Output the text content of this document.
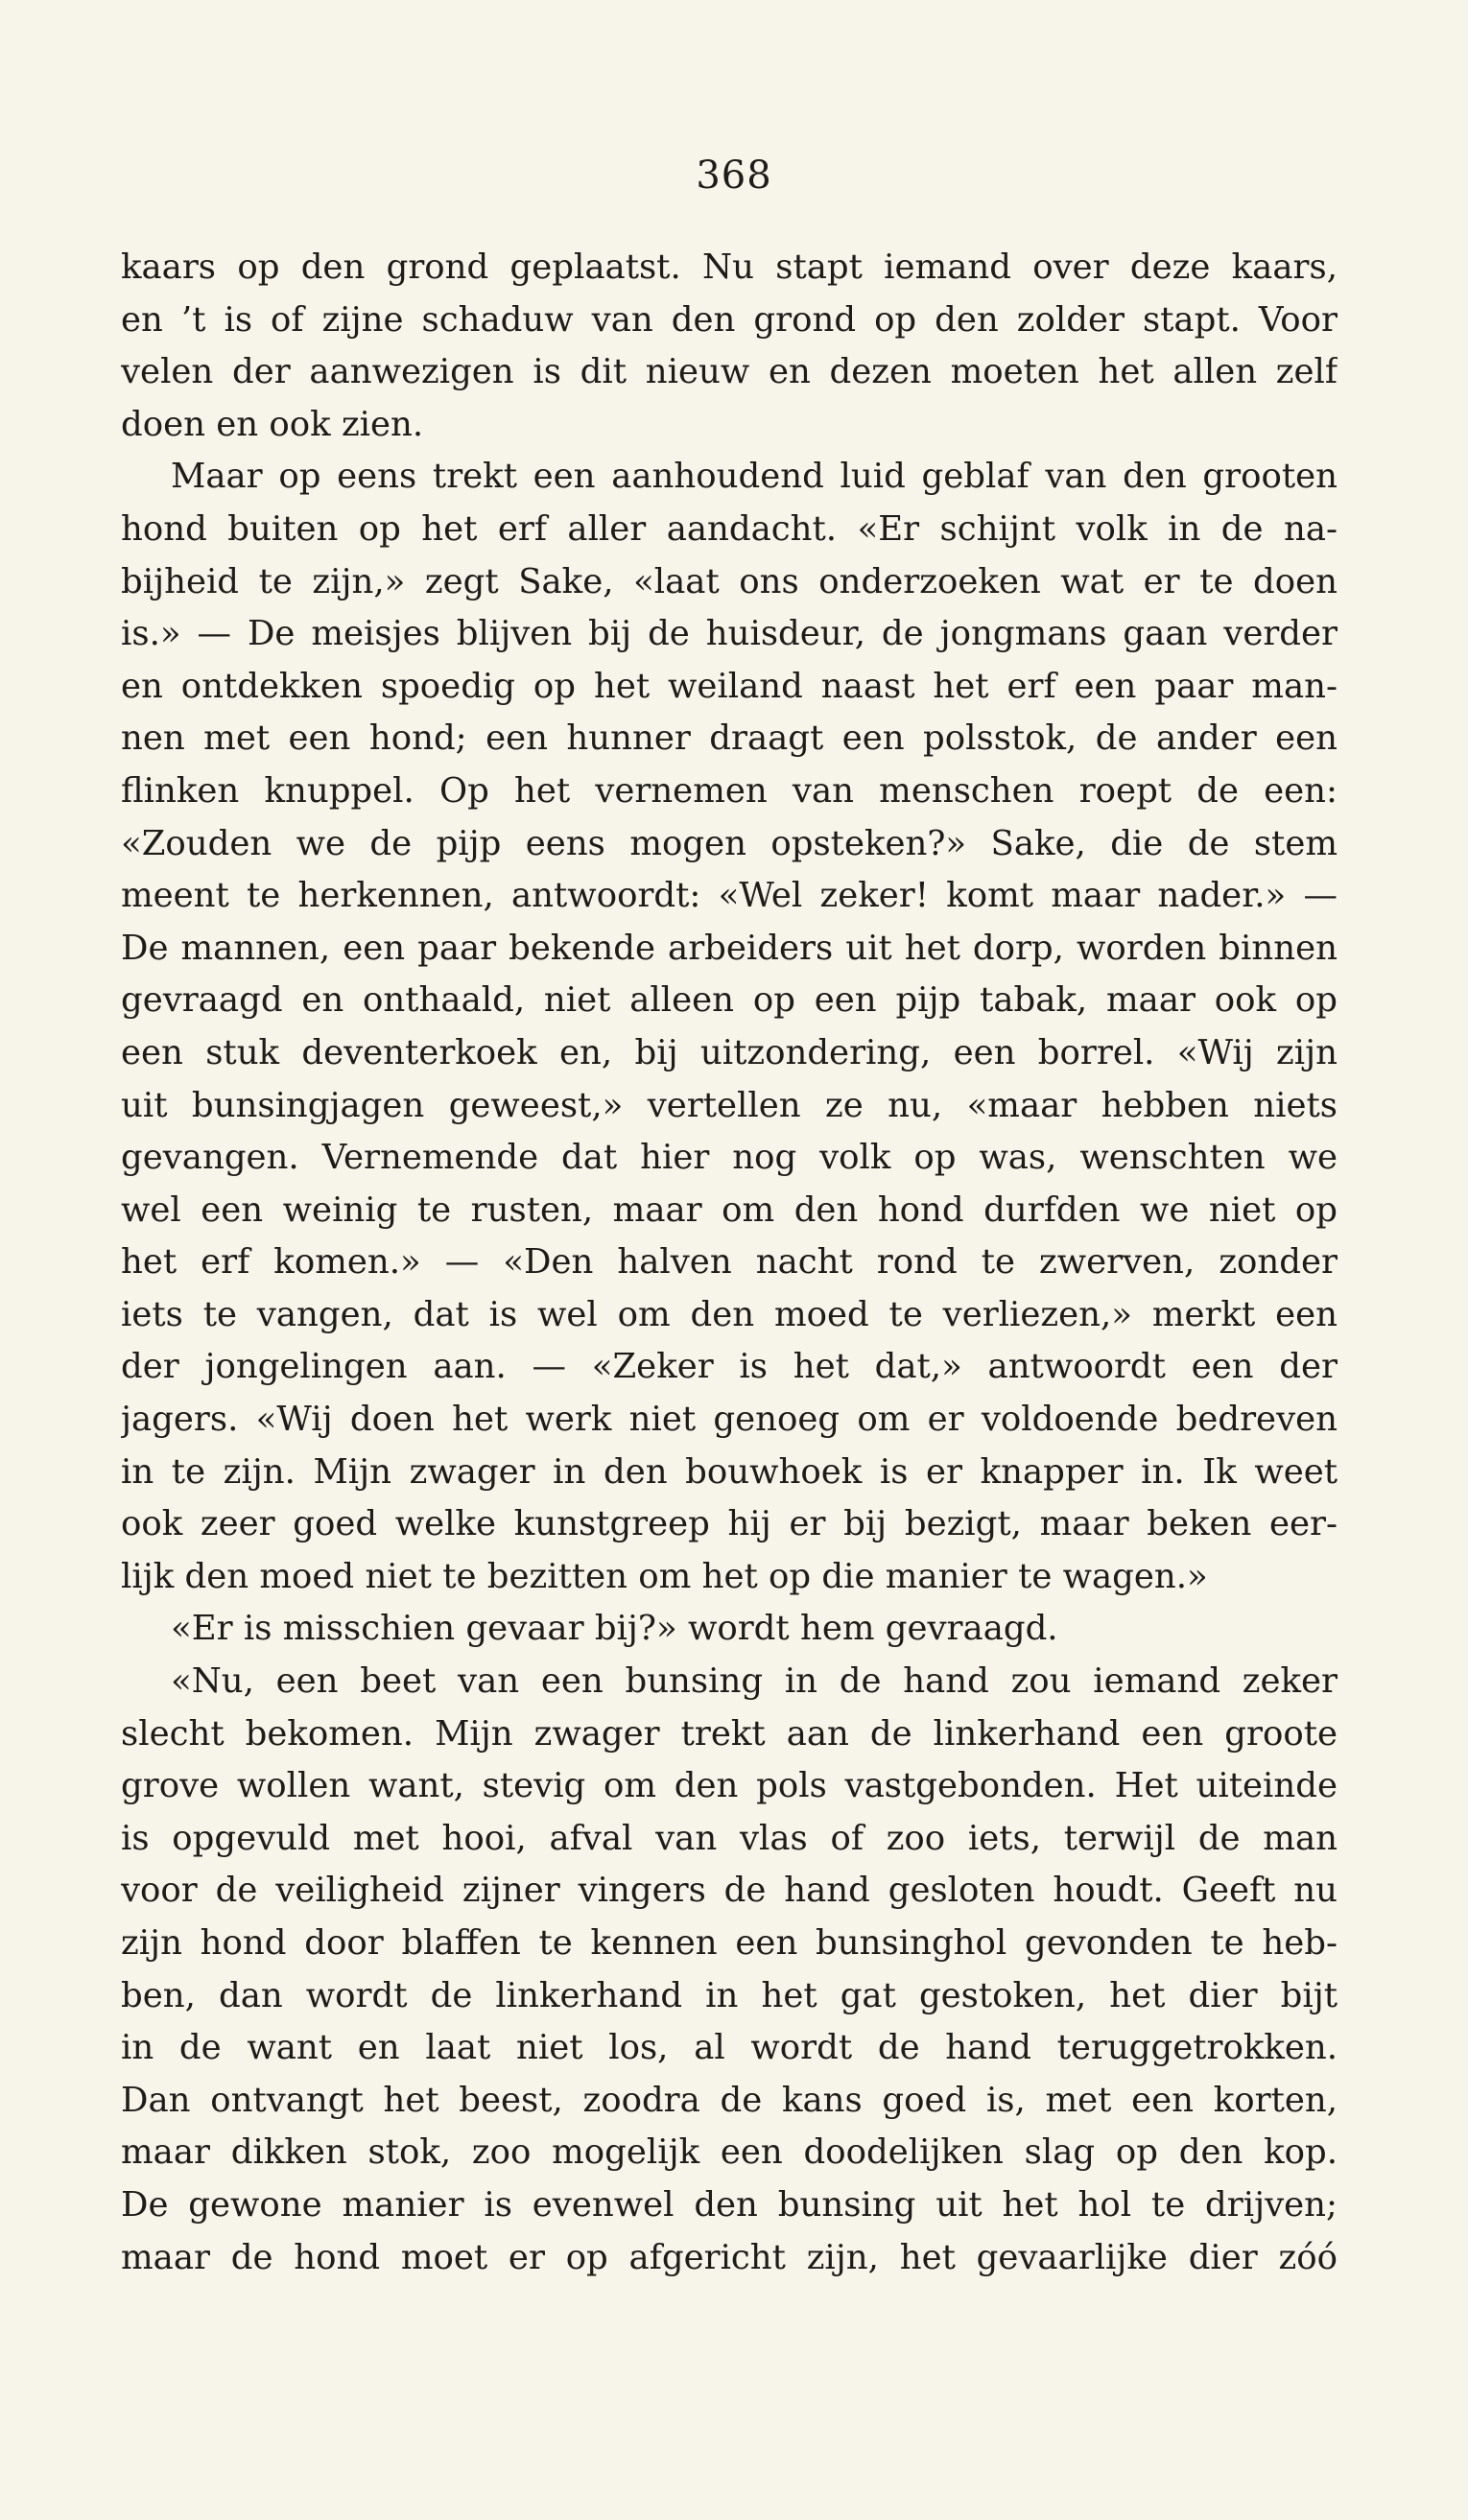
368
kaars op den grond geplaatst. Nu stapt iemand over deze kaars,
en ’t is of zijne schaduw van den grond op den zolder stapt. Voor
velen der aanwezigen is dit nieuw en dezen moeten het allen zelf
doen en ook zien.
Maar op eens trekt een aanhoudend luid geblaf van den grooten
hond buiten op het erf aller aandacht. «Er schijnt volk in de na-
bijheid te zijn,» zegt Sake, «laat ons onderzoeken wat er te doen
is.» — De meisjes blijven bij de huisdeur, de jongmans gaan verder
en ontdekken spoedig op het weiland naast het erf een paar man-
nen met een hond; een hunner draagt een polsstok, de ander een
flinken knuppel. Op het vernemen van menschen roept de een:
«Zouden we de pijp eens mogen opsteken?» Sake, die de stem
meent te herkennen, antwoordt: «Wel zeker! komt maar nader.» —
De mannen, een paar bekende arbeiders uit het dorp, worden binnen
gevraagd en onthaald, niet alleen op een pijp tabak, maar ook op
een stuk deventerkoek en, bij uitzondering, een borrel. «Wij zijn
uit bunsingjagen geweest,» vertellen ze nu, «maar hebben niets
gevangen. Vernemende dat hier nog volk op was, wenschten we
wel een weinig te rusten, maar om den hond durfden we niet op
het erf komen.» — «Den halven nacht rond te zwerven, zonder
iets te vangen, dat is wel om den moed te verliezen,» merkt een
der jongelingen aan. — «Zeker is het dat,» antwoordt een der
jagers. «Wij doen het werk niet genoeg om er voldoende bedreven
in te zijn. Mijn zwager in den bouwhoek is er knapper in. Ik weet
ook zeer goed welke kunstgreep hij er bij bezigt, maar beken eer-
lijk den moed niet te bezitten om het op die manier te wagen.»
«Er is misschien gevaar bij?» wordt hem gevraagd.
«Nu, een beet van een bunsing in de hand zou iemand zeker
slecht bekomen. Mijn zwager trekt aan de linkerhand een groote
grove wollen want, stevig om den pols vastgebonden. Het uiteinde
is opgevuld met hooi, afval van vlas of zoo iets, terwijl de man
voor de veiligheid zijner vingers de hand gesloten houdt. Geeft nu
zijn hond door blaffen te kennen een bunsinghol gevonden te heb-
ben, dan wordt de linkerhand in het gat gestoken, het dier bijt
in de want en laat niet los, al wordt de hand teruggetrokken.
Dan ontvangt het beest, zoodra de kans goed is, met een korten,
maar dikken stok, zoo mogelijk een doodelijken slag op den kop.
De gewone manier is evenwel den bunsing uit het hol te drijven;
maar de hond moet er op afgericht zijn, het gevaarlijke dier zóó
